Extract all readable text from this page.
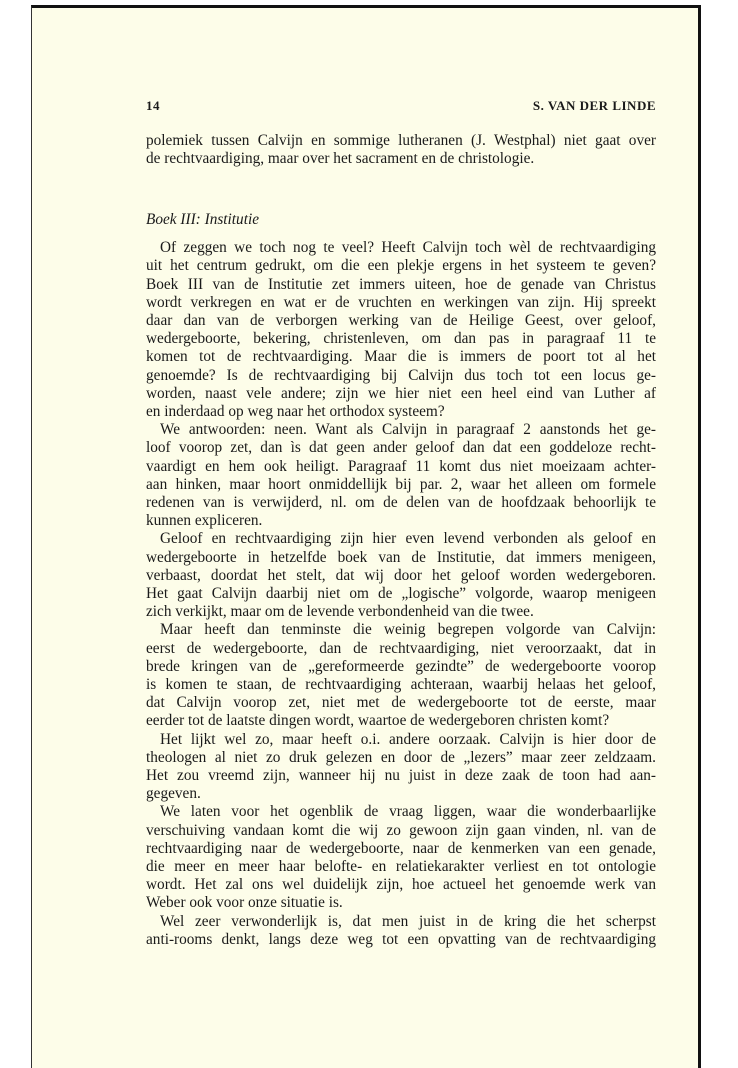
14	S. VAN DER LINDE
polemiek tussen Calvijn en sommige lutheranen (J. Westphal) niet gaat over
de rechtvaardiging, maar over het sacrament en de christologie.
Boek III: Institutie
Of zeggen we toch nog te veel? Heeft Calvijn toch wèl de rechtvaardiging
uit het centrum gedrukt, om die een plekje ergens in het systeem te geven?
Boek III van de Institutie zet immers uiteen, hoe de genade van Christus
wordt verkregen en wat er de vruchten en werkingen van zijn. Hij spreekt
daar dan van de verborgen werking van de Heilige Geest, over geloof,
wedergeboorte, bekering, christenleven, om dan pas in paragraaf 11 te
komen tot de rechtvaardiging. Maar die is immers de poort tot al het
genoemde? Is de rechtvaardiging bij Calvijn dus toch tot een locus ge-
worden, naast vele andere; zijn we hier niet een heel eind van Luther af
en inderdaad op weg naar het orthodox systeem?
We antwoorden: neen. Want als Calvijn in paragraaf 2 aanstonds het ge-
loof voorop zet, dan ìs dat geen ander geloof dan dat een goddeloze recht-
vaardigt en hem ook heiligt. Paragraaf 11 komt dus niet moeizaam achter-
aan hinken, maar hoort onmiddellijk bij par. 2, waar het alleen om formele
redenen van is verwijderd, nl. om de delen van de hoofdzaak behoorlijk te
kunnen expliceren.
Geloof en rechtvaardiging zijn hier even levend verbonden als geloof en
wedergeboorte in hetzelfde boek van de Institutie, dat immers menigeen,
verbaast, doordat het stelt, dat wij door het geloof worden wedergeboren.
Het gaat Calvijn daarbij niet om de „logische” volgorde, waarop menigeen
zich verkijkt, maar om de levende verbondenheid van die twee.
Maar heeft dan tenminste die weinig begrepen volgorde van Calvijn:
eerst de wedergeboorte, dan de rechtvaardiging, niet veroorzaakt, dat in
brede kringen van de „gereformeerde gezindte” de wedergeboorte voorop
is komen te staan, de rechtvaardiging achteraan, waarbij helaas het geloof,
dat Calvijn voorop zet, niet met de wedergeboorte tot de eerste, maar
eerder tot de laatste dingen wordt, waartoe de wedergeboren christen komt?
Het lijkt wel zo, maar heeft o.i. andere oorzaak. Calvijn is hier door de
theologen al niet zo druk gelezen en door de „lezers” maar zeer zeldzaam.
Het zou vreemd zijn, wanneer hij nu juist in deze zaak de toon had aan-
gegeven.
We laten voor het ogenblik de vraag liggen, waar die wonderbaarlijke
verschuiving vandaan komt die wij zo gewoon zijn gaan vinden, nl. van de
rechtvaardiging naar de wedergeboorte, naar de kenmerken van een genade,
die meer en meer haar belofte- en relatiekarakter verliest en tot ontologie
wordt. Het zal ons wel duidelijk zijn, hoe actueel het genoemde werk van
Weber ook voor onze situatie is.
Wel zeer verwonderlijk is, dat men juist in de kring die het scherpst
anti-rooms denkt, langs deze weg tot een opvatting van de rechtvaardiging
